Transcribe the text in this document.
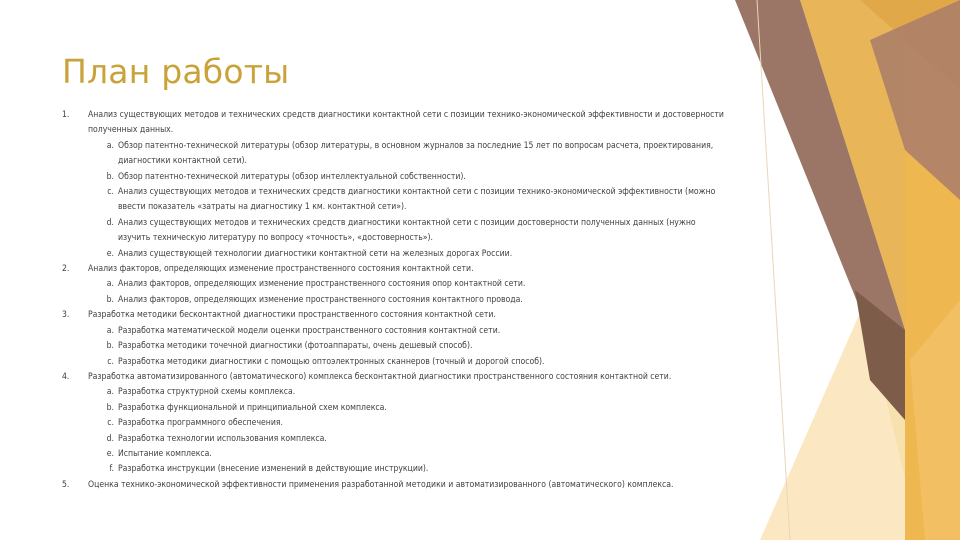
План работы
1.	Анализ существующих методов и технических средств диагностики контактной сети с позиции технико-экономической эффективности и достоверности полученных данных.
a. Обзор патентно-технической литературы (обзор литературы, в основном журналов за последние 15 лет по вопросам расчета, проектирования, диагностики контактной сети).
b. Обзор патентно-технической литературы (обзор интеллектуальной собственности).
c. Анализ существующих методов и технических средств диагностики контактной сети с позиции технико-экономической эффективности (можно ввести показатель «затраты на диагностику 1 км. контактной сети»).
d. Анализ существующих методов и технических средств диагностики контактной сети с позиции достоверности полученных данных (нужно изучить техническую литературу по вопросу «точность», «достоверность»).
e. Анализ существующей технологии диагностики контактной сети на железных дорогах России.
2.	Анализ факторов, определяющих изменение пространственного состояния контактной сети.
a. Анализ факторов, определяющих изменение пространственного состояния опор контактной сети.
b. Анализ факторов, определяющих изменение пространственного состояния контактного провода.
3.	Разработка методики бесконтактной диагностики пространственного состояния контактной сети.
a. Разработка математической модели оценки пространственного состояния контактной сети.
b. Разработка методики точечной диагностики (фотоаппараты, очень дешевый способ).
c. Разработка методики диагностики с помощью оптоэлектронных сканнеров (точный и дорогой способ).
4.	Разработка автоматизированного (автоматического) комплекса бесконтактной диагностики пространственного состояния контактной сети.
a. Разработка структурной схемы комплекса.
b. Разработка функциональной и принципиальной схем комплекса.
c. Разработка программного обеспечения.
d. Разработка технологии использования комплекса.
e. Испытание комплекса.
f. Разработка инструкции (внесение изменений в действующие инструкции).
5.	Оценка технико-экономической эффективности применения разработанной методики и автоматизированного (автоматического) комплекса.
